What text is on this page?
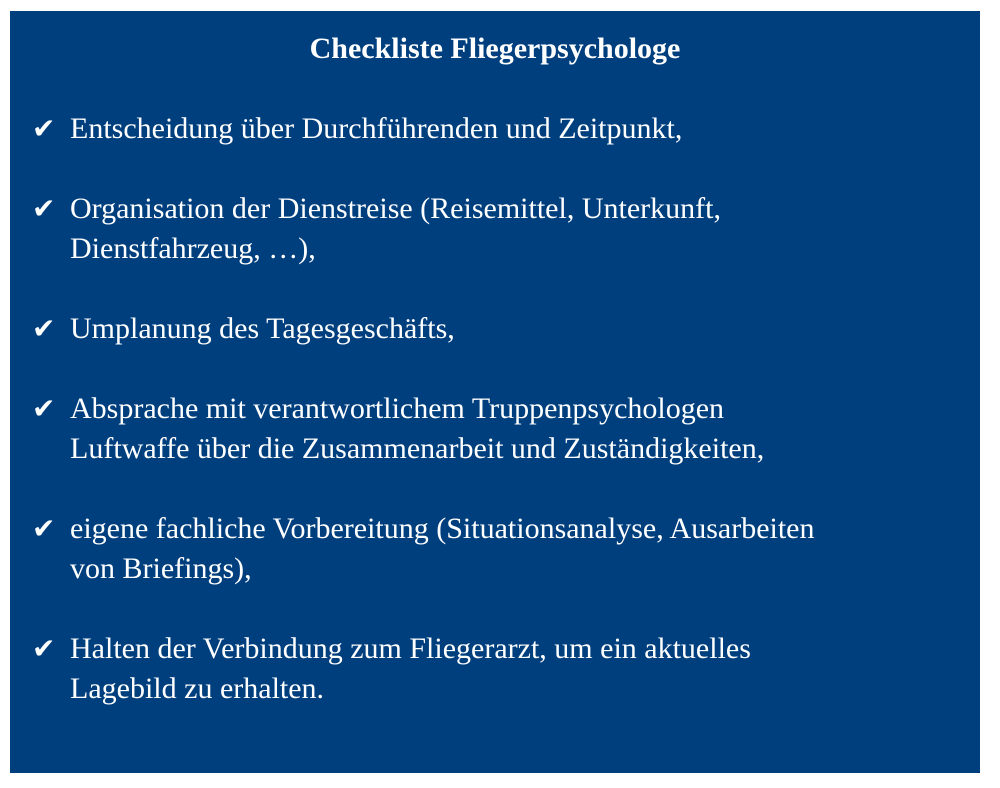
Checkliste Fliegerpsychologe
✔ Entscheidung über Durchführenden und Zeitpunkt,
✔ Organisation der Dienstreise (Reisemittel, Unterkunft,
Dienstfahrzeug, …),
✔ Umplanung des Tagesgeschäfts,
✔ Absprache mit verantwortlichem Truppenpsychologen
Luftwaffe über die Zusammenarbeit und Zuständigkeiten,
✔ eigene fachliche Vorbereitung (Situationsanalyse, Ausarbeiten
von Briefings),
✔ Halten der Verbindung zum Fliegerarzt, um ein aktuelles
Lagebild zu erhalten.
